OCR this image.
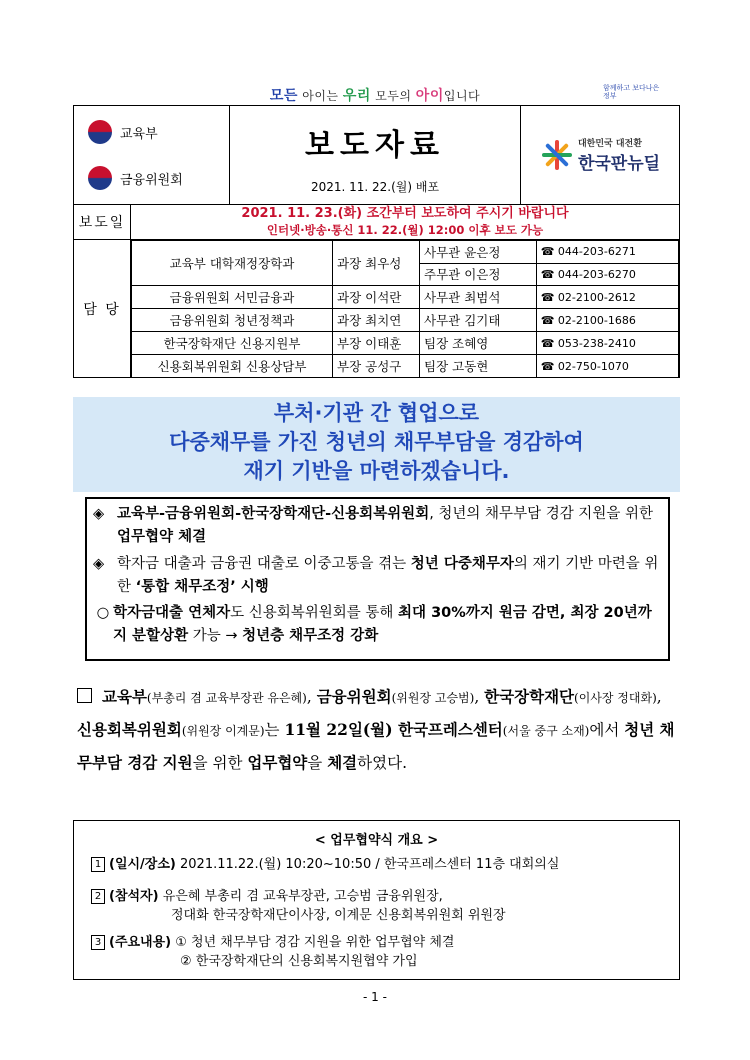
모든 아이는 우리 모두의 아이입니다
함께하고 보다나은 정부
교육부
금융위원회

보도자료
2021. 11. 22.(월) 배포

대한민국 대전환
한국판뉴딜
보도일	
2021. 11. 23.(화) 조간부터 보도하여 주시기 바랍니다
인터넷·방송·통신 11. 22.(월) 12:00 이후 보도 가능

담 당	
교육부 대학재정장학과	과장 최우성	사무관 윤은정	☎ 044-203-6271
주무관 이은정	☎ 044-203-6270
금융위원회 서민금융과	과장 이석란	사무관 최범석	☎ 02-2100-2612
금융위원회 청년정책과	과장 최치연	사무관 김기태	☎ 02-2100-1686
한국장학재단 신용지원부	부장 이태훈	팀장 조혜영	☎ 053-238-2410
신용회복위원회 신용상담부	부장 공성구	팀장 고동현	☎ 02-750-1070
부처·기관 간 협업으로
다중채무를 가진 청년의 채무부담을 경감하여
재기 기반을 마련하겠습니다.
◈ 교육부-금융위원회-한국장학재단-신용회복위원회, 청년의 채무부담 경감 지원을 위한 업무협약 체결

◈ 학자금 대출과 금융권 대출로 이중고통을 겪는 청년 다중채무자의 재기 기반 마련을 위한 ‘통합 채무조정’ 시행

○ 학자금대출 연체자도 신용회복위원회를 통해 최대 30%까지 원금 감면, 최장 20년까지 분할상환 가능 → 청년층 채무조정 강화

교육부(부총리 겸 교육부장관 유은혜), 금융위원회(위원장 고승범), 한국장학재단(이사장 정대화), 신용회복위원회(위원장 이계문)는 11월 22일(월) 한국프레스센터(서울 중구 소재)에서 청년 채무부담 경감 지원을 위한 업무협약을 체결하였다.
< 업무협약식 개요 >
1 (일시/장소) 2021.11.22.(월) 10:20~10:50 / 한국프레스센터 11층 대회의실
2 (참석자) 유은혜 부총리 겸 교육부장관, 고승범 금융위원장,
정대화 한국장학재단이사장, 이계문 신용회복위원회 위원장
3 (주요내용) ① 청년 채무부담 경감 지원을 위한 업무협약 체결
② 한국장학재단의 신용회복지원협약 가입
- 1 -
